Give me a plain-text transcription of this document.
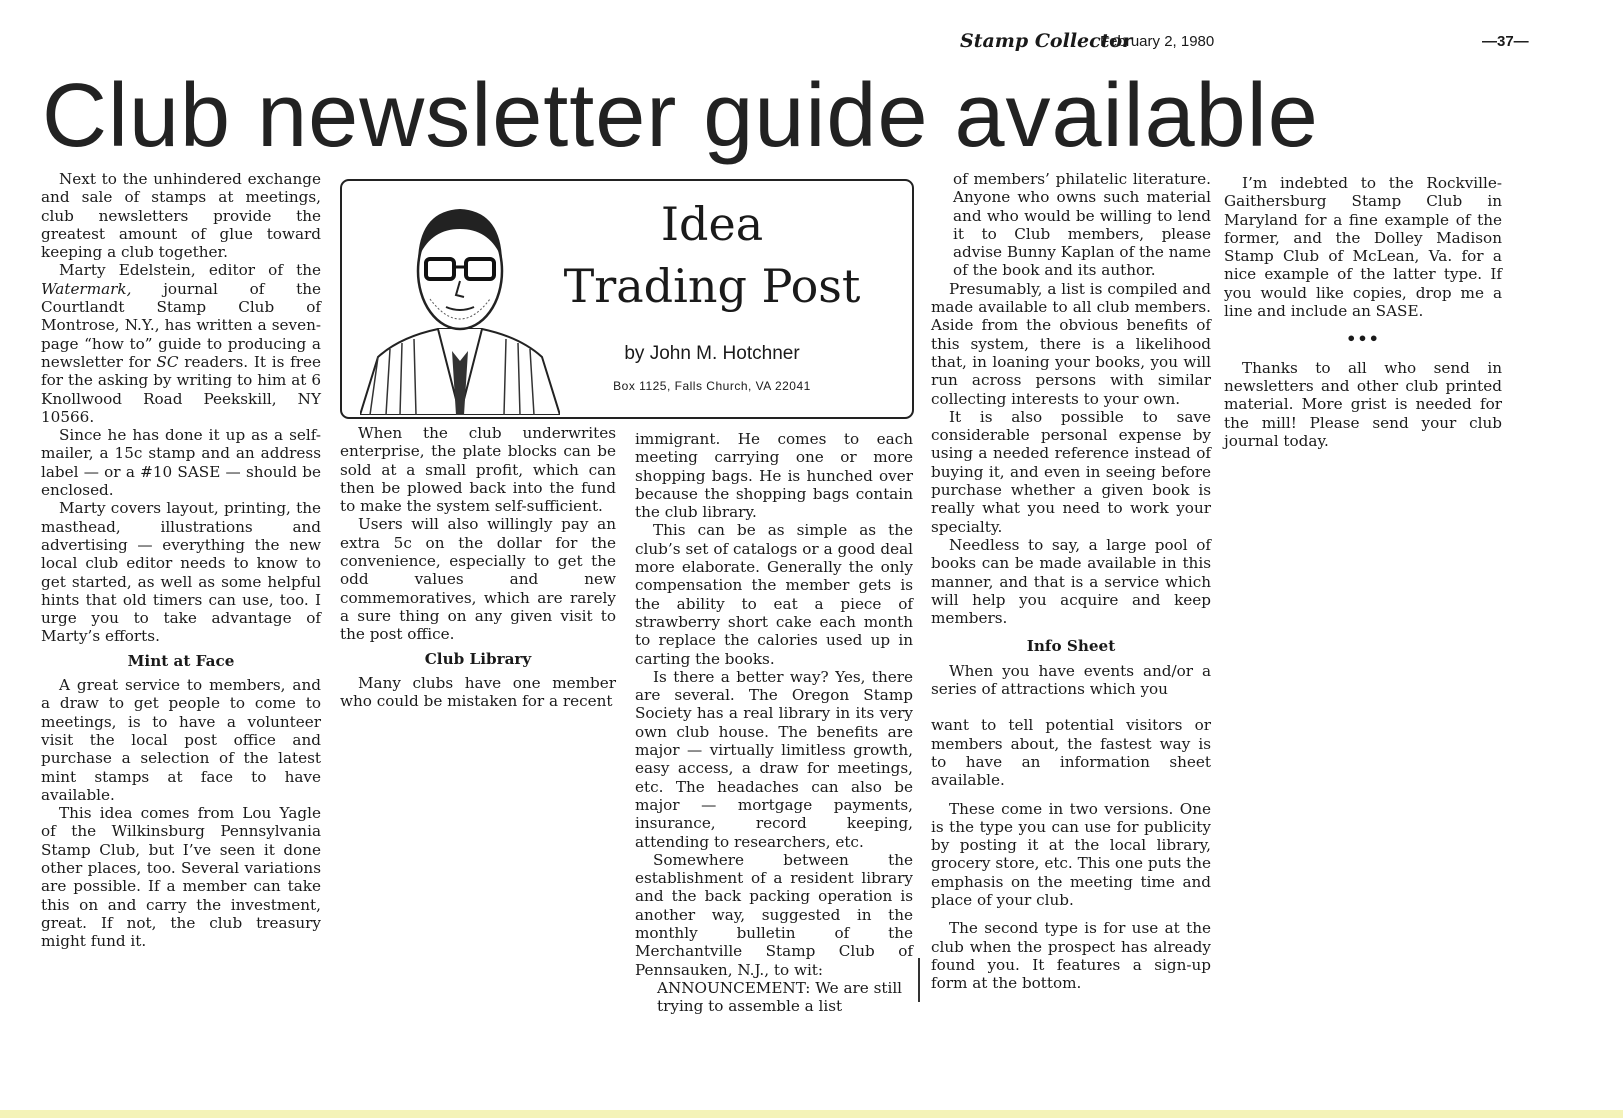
Stamp Collector
February 2, 1980	—37—
Club newsletter guide available

Next to the unhindered exchange and sale of stamps at meetings, club newsletters provide the greatest amount of glue toward keeping a club together.

Marty Edelstein, editor of the Watermark, journal of the Courtlandt Stamp Club of Montrose, N.Y., has written a seven-page “how to” guide to producing a newsletter for SC readers. It is free for the asking by writing to him at 6 Knollwood Road Peekskill, NY 10566.

Since he has done it up as a self-mailer, a 15c stamp and an address label — or a #10 SASE — should be enclosed.

Marty covers layout, printing, the masthead, illustrations and advertising — everything the new local club editor needs to know to get started, as well as some helpful hints that old timers can use, too. I urge you to take advantage of Marty’s efforts.

Mint at Face

A great service to members, and a draw to get people to come to meetings, is to have a volunteer visit the local post office and purchase a selection of the latest mint stamps at face to have available.

This idea comes from Lou Yagle of the Wilkinsburg Pennsylvania Stamp Club, but I’ve seen it done other places, too. Several variations are possible. If a member can take this on and carry the investment, great. If not, the club treasury might fund it.

Idea
Trading Post
by John M. Hotchner
Box 1125, Falls Church, VA 22041

When the club underwrites enterprise, the plate blocks can be sold at a small profit, which can then be plowed back into the fund to make the system self-sufficient.

Users will also willingly pay an extra 5c on the dollar for the convenience, especially to get the odd values and new commemoratives, which are rarely a sure thing on any given visit to the post office.

Club Library

Many clubs have one member who could be mistaken for a recent

immigrant. He comes to each meeting carrying one or more shopping bags. He is hunched over because the shopping bags contain the club library.

This can be as simple as the club’s set of catalogs or a good deal more elaborate. Generally the only compensation the member gets is the ability to eat a piece of strawberry short cake each month to replace the calories used up in carting the books.

Is there a better way? Yes, there are several. The Oregon Stamp Society has a real library in its very own club house. The benefits are major — virtually limitless growth, easy access, a draw for meetings, etc. The headaches can also be major — mortgage payments, insurance, record keeping, attending to researchers, etc.

Somewhere between the establishment of a resident library and the back packing operation is another way, suggested in the monthly bulletin of the Merchantville Stamp Club of Pennsauken, N.J., to wit:

ANNOUNCEMENT: We are still trying to assemble a list

of members’ philatelic literature. Anyone who owns such material and who would be willing to lend it to Club members, please advise Bunny Kaplan of the name of the book and its author.

Presumably, a list is compiled and made available to all club members. Aside from the obvious benefits of this system, there is a likelihood that, in loaning your books, you will run across persons with similar collecting interests to your own.

It is also possible to save considerable personal expense by using a needed reference instead of buying it, and even in seeing before purchase whether a given book is really what you need to work your specialty.

Needless to say, a large pool of books can be made available in this manner, and that is a service which will help you acquire and keep members.

Info Sheet

When you have events and/or a series of attractions which you

want to tell potential visitors or members about, the fastest way is to have an information sheet available.

These come in two versions. One is the type you can use for publicity by posting it at the local library, grocery store, etc. This one puts the emphasis on the meeting time and place of your club.

The second type is for use at the club when the prospect has already found you. It features a sign-up form at the bottom.

I’m indebted to the Rockville-Gaithersburg Stamp Club in Maryland for a fine example of the former, and the Dolley Madison Stamp Club of McLean, Va. for a nice example of the latter type. If you would like copies, drop me a line and include an SASE.

•••

Thanks to all who send in newsletters and other club printed material. More grist is needed for the mill! Please send your club journal today.
